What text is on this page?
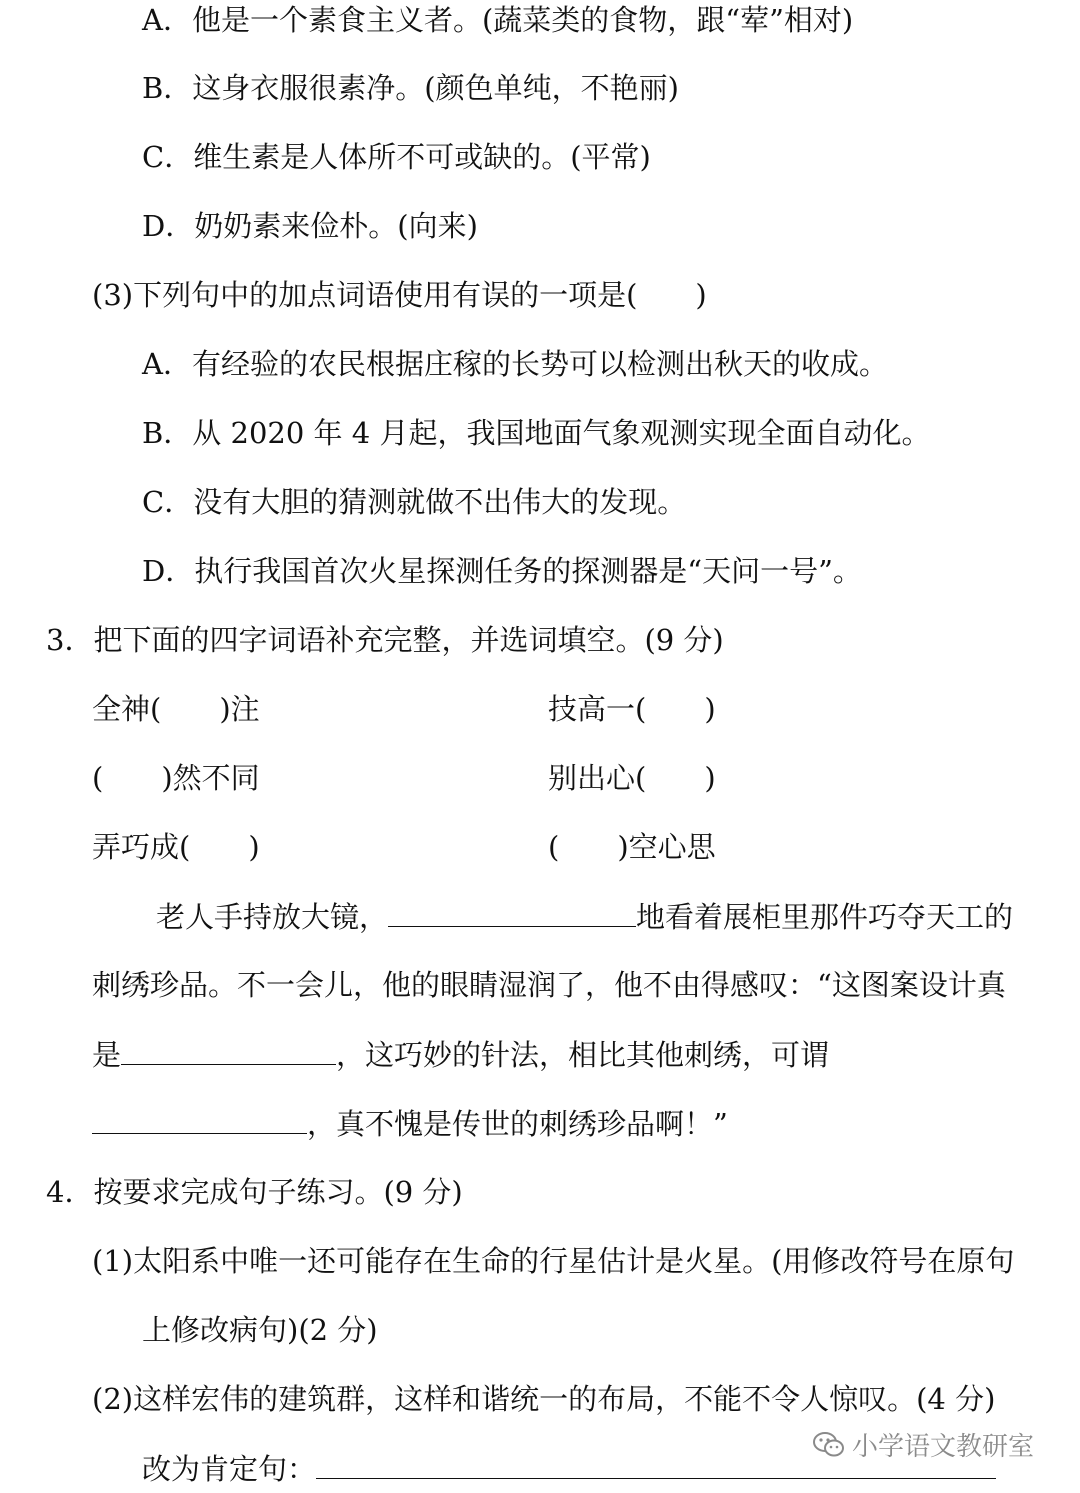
A．他是一个素食主义者。(蔬菜类的食物，跟“荤”相对)
B．这身衣服很素净。(颜色单纯，不艳丽)
C．维生素是人体所不可或缺的。(平常)
D．奶奶素来俭朴。(向来)
(3)下列句中的加点词语使用有误的一项是(　　)
A．有经验的农民根据庄稼的长势可以检测出秋天的收成。
B．从 2020 年 4 月起，我国地面气象观测实现全面自动化。
C．没有大胆的猜测就做不出伟大的发现。
D．执行我国首次火星探测任务的探测器是“天问一号”。
3．把下面的四字词语补充完整，并选词填空。(9 分)
全神(　　)注	技高一(　　)
(　　)然不同	别出心(　　)
弄巧成(　　)	(　　)空心思
老人手持放大镜，	地看着展柜里那件巧夺天工的
刺绣珍品。不一会儿，他的眼睛湿润了，他不由得感叹：“这图案设计真
是	，这巧妙的针法，相比其他刺绣，可谓
，真不愧是传世的刺绣珍品啊！”
4．按要求完成句子练习。(9 分)
(1)太阳系中唯一还可能存在生命的行星估计是火星。(用修改符号在原句
上修改病句)(2 分)
(2)这样宏伟的建筑群，这样和谐统一的布局，不能不令人惊叹。(4 分)
改为肯定句：
小学语文教研室
